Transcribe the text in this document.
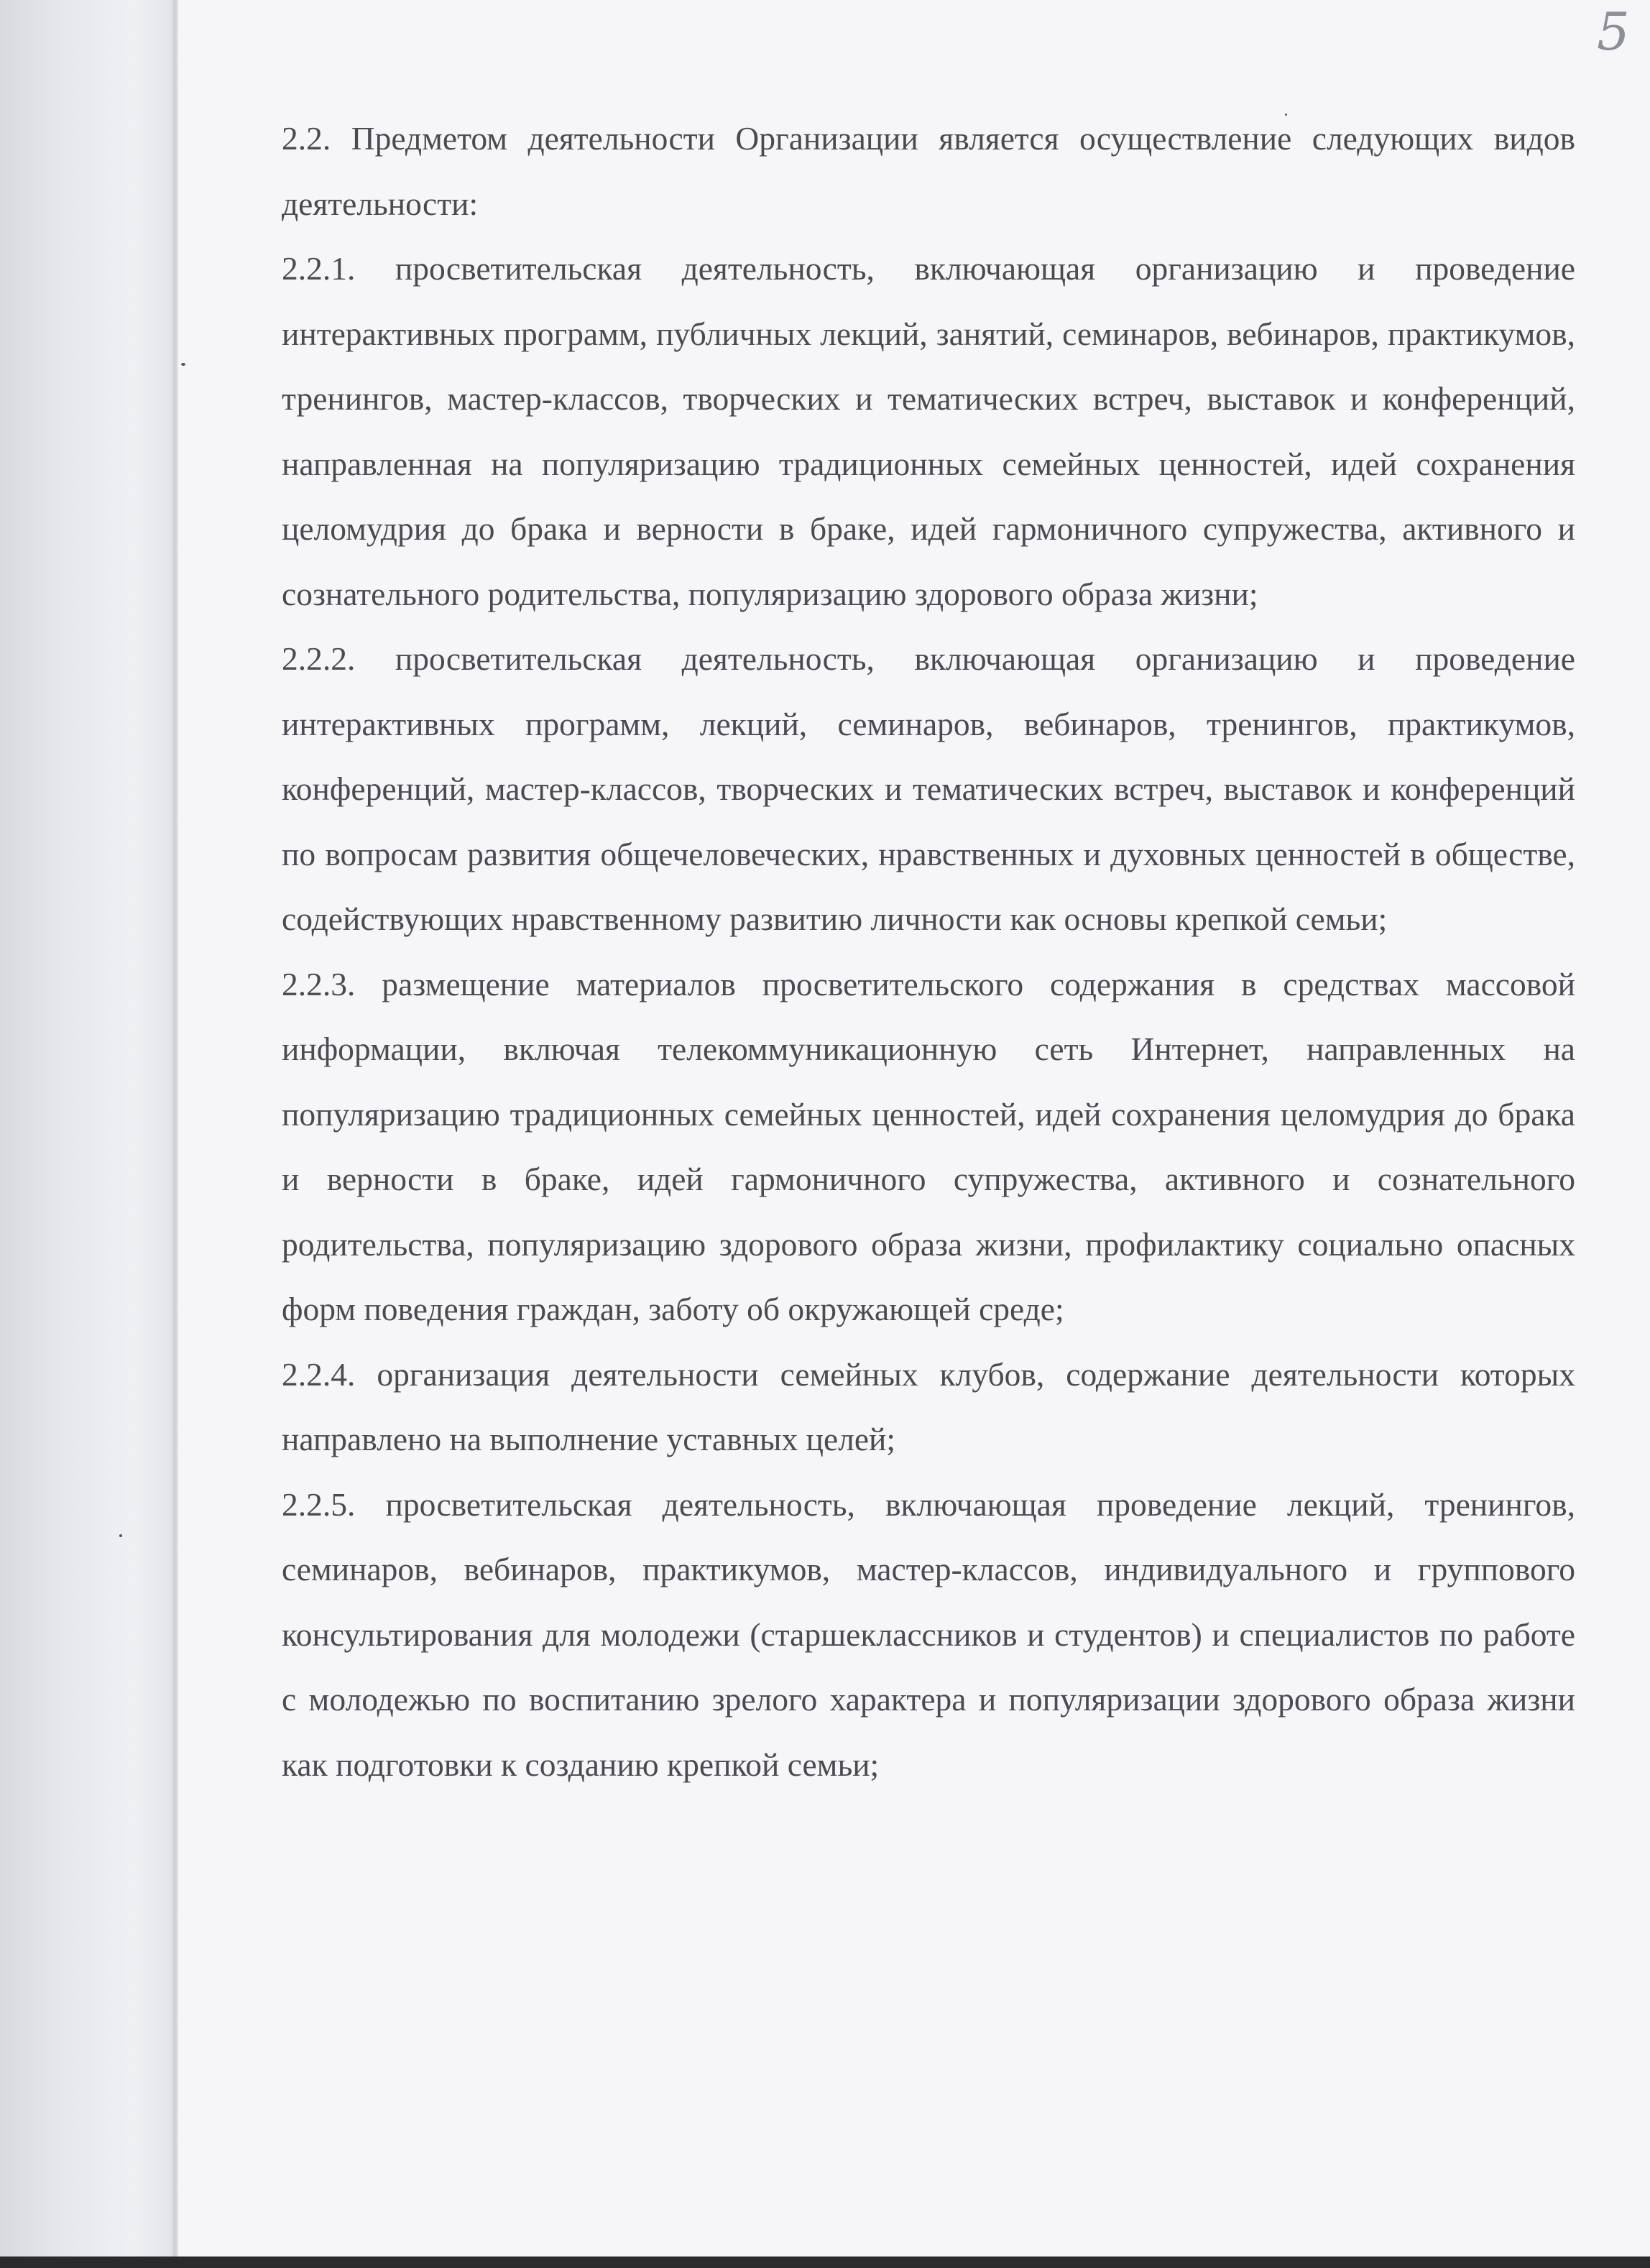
5

2.2. Предметом деятельности Организации является осуществление следующих видов деятельности:

2.2.1. просветительская деятельность, включающая организацию и проведение интерактивных программ, публичных лекций, занятий, семинаров, вебинаров, практикумов, тренингов, мастер-классов, творческих и тематических встреч, выставок и конференций, направленная на популяризацию традиционных семейных ценностей, идей сохранения целомудрия до брака и верности в браке, идей гармоничного супружества, активного и сознательного родительства, популяризацию здорового образа жизни;

2.2.2. просветительская деятельность, включающая организацию и проведение интерактивных программ, лекций, семинаров, вебинаров, тренингов, практикумов, конференций, мастер-классов, творческих и тематических встреч, выставок и конференций по вопросам развития общечеловеческих, нравственных и духовных ценностей в обществе, содействующих нравственному развитию личности как основы крепкой семьи;

2.2.3. размещение материалов просветительского содержания в средствах массовой информации, включая телекоммуникационную сеть Интернет, направленных на популяризацию традиционных семейных ценностей, идей сохранения целомудрия до брака и верности в браке, идей гармоничного супружества, активного и сознательного родительства, популяризацию здорового образа жизни, профилактику социально опасных форм поведения граждан, заботу об окружающей среде;

2.2.4. организация деятельности семейных клубов, содержание деятельности которых направлено на выполнение уставных целей;

2.2.5. просветительская деятельность, включающая проведение лекций, тренингов, семинаров, вебинаров, практикумов, мастер-классов, индивидуального и группового консультирования для молодежи (старшеклассников и студентов) и специалистов по работе с молодежью по воспитанию зрелого характера и популяризации здорового образа жизни как подготовки к созданию крепкой семьи;
